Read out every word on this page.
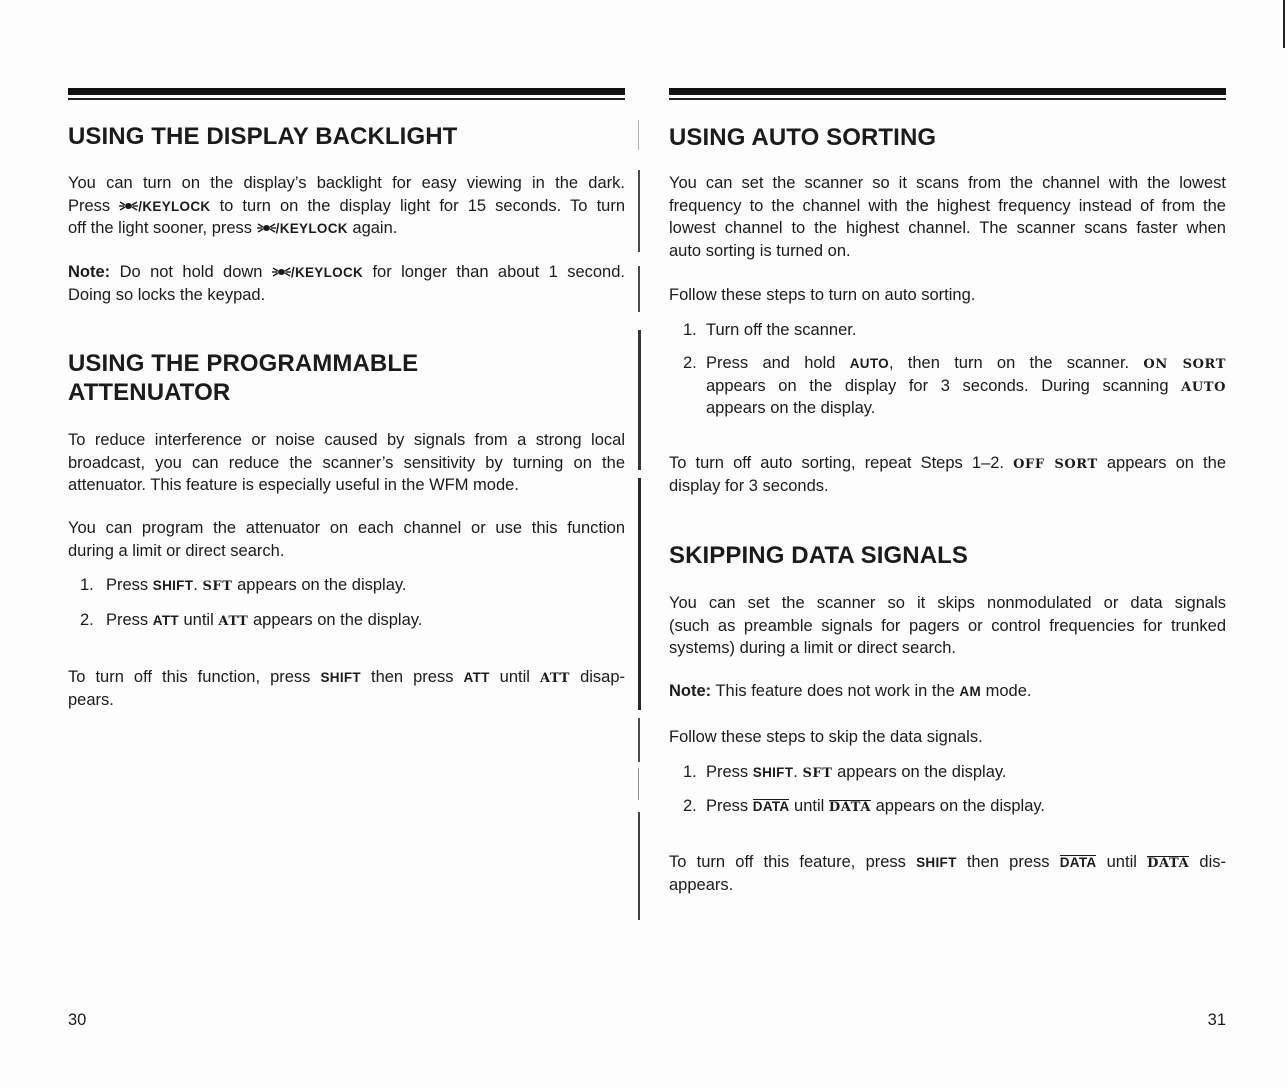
USING THE DISPLAY BACKLIGHT
You can turn on the display’s backlight for easy viewing in the dark.
Press /KEYLOCK to turn on the display light for 15 seconds. To turn
off the light sooner, press /KEYLOCK again.
Note: Do not hold down /KEYLOCK for longer than about 1 second.
Doing so locks the keypad.
USING THE PROGRAMMABLE
ATTENUATOR
To reduce interference or noise caused by signals from a strong local
broadcast, you can reduce the scanner’s sensitivity by turning on the
attenuator. This feature is especially useful in the WFM mode.
You can program the attenuator on each channel or use this function
during a limit or direct search.
1. Press SHIFT. SFT appears on the display.
2. Press ATT until ATT appears on the display.
To turn off this function, press SHIFT then press ATT until ATT disap-
pears.
30
USING AUTO SORTING
You can set the scanner so it scans from the channel with the lowest
frequency to the channel with the highest frequency instead of from the
lowest channel to the highest channel. The scanner scans faster when
auto sorting is turned on.
Follow these steps to turn on auto sorting.
1. Turn off the scanner.
2. Press and hold AUTO, then turn on the scanner. ON SORT
appears on the display for 3 seconds. During scanning AUTO
appears on the display.
To turn off auto sorting, repeat Steps 1–2. OFF SORT appears on the
display for 3 seconds.
SKIPPING DATA SIGNALS
You can set the scanner so it skips nonmodulated or data signals
(such as preamble signals for pagers or control frequencies for trunked
systems) during a limit or direct search.
Note: This feature does not work in the AM mode.
Follow these steps to skip the data signals.
1. Press SHIFT. SFT appears on the display.
2. Press DATA until DATA appears on the display.
To turn off this feature, press SHIFT then press DATA until DATA dis-
appears.
31
